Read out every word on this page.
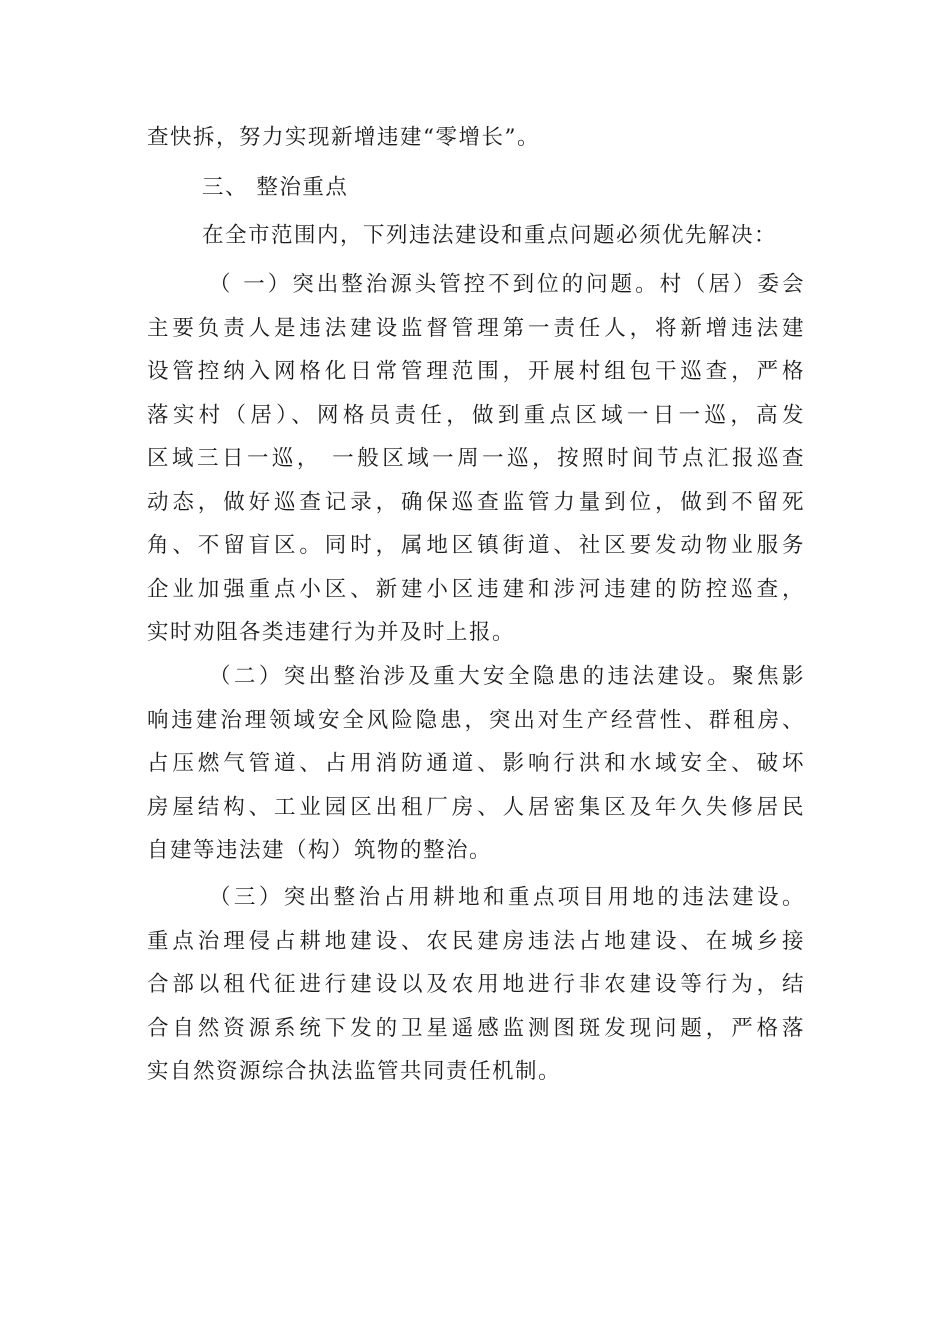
查快拆，努力实现新增违建“零增长”。

三、 整治重点

在全市范围内，下列违法建设和重点问题必须优先解决：

（ 一）突出整治源头管控不到位的问题。村（居）委会
主要负责人是违法建设监督管理第一责任人，将新增违法建
设管控纳入网格化日常管理范围，开展村组包干巡查，严格
落实村（居）、网格员责任，做到重点区域一日一巡，高发
区域三日一巡， 一般区域一周一巡，按照时间节点汇报巡查
动态，做好巡查记录，确保巡查监管力量到位，做到不留死
角、不留盲区。同时，属地区镇街道、社区要发动物业服务
企业加强重点小区、新建小区违建和涉河违建的防控巡查，
实时劝阻各类违建行为并及时上报。

（二）突出整治涉及重大安全隐患的违法建设。聚焦影
响违建治理领域安全风险隐患，突出对生产经营性、群租房、
占压燃气管道、占用消防通道、影响行洪和水域安全、破坏
房屋结构、工业园区出租厂房、人居密集区及年久失修居民
自建等违法建（构）筑物的整治。

（三）突出整治占用耕地和重点项目用地的违法建设。
重点治理侵占耕地建设、农民建房违法占地建设、在城乡接
合部以租代征进行建设以及农用地进行非农建设等行为，结
合自然资源系统下发的卫星遥感监测图斑发现问题，严格落
实自然资源综合执法监管共同责任机制。
